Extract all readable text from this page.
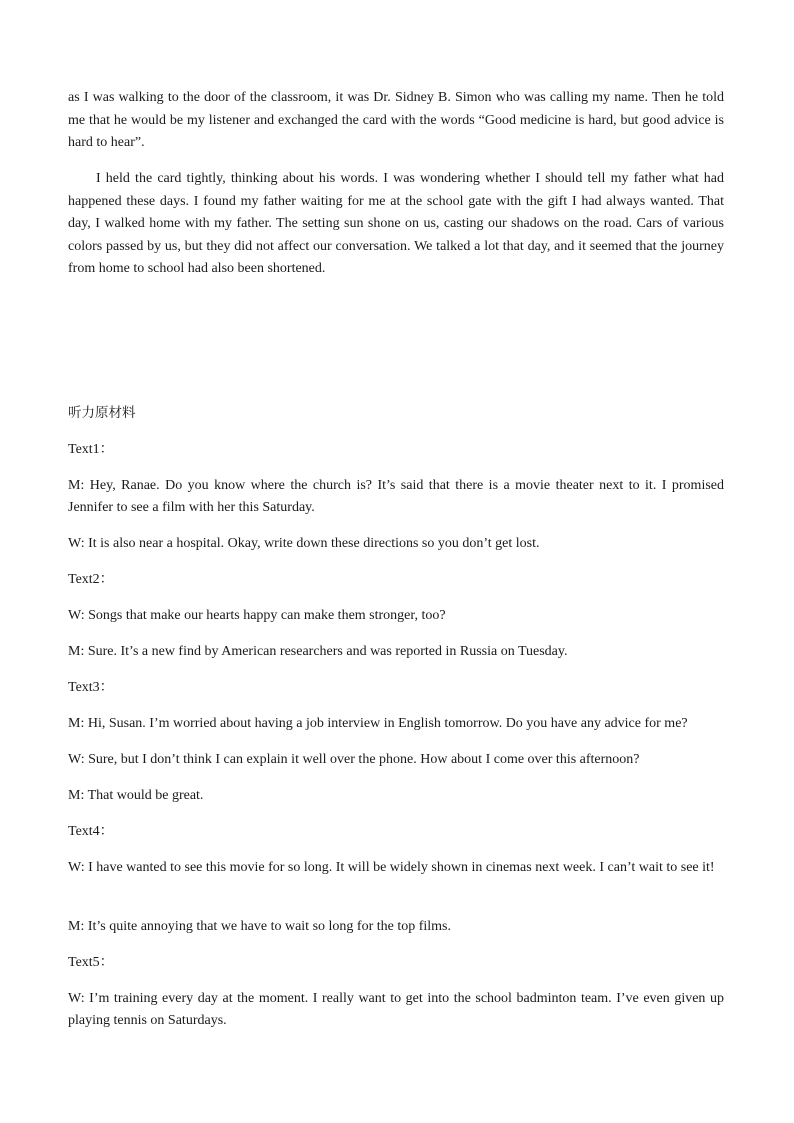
as I was walking to the door of the classroom, it was Dr. Sidney B. Simon who was calling my name. Then he told me that he would be my listener and exchanged the card with the words “Good medicine is hard, but good advice is hard to hear”.

I held the card tightly, thinking about his words. I was wondering whether I should tell my father what had happened these days. I found my father waiting for me at the school gate with the gift I had always wanted. That day, I walked home with my father. The setting sun shone on us, casting our shadows on the road. Cars of various colors passed by us, but they did not affect our conversation. We talked a lot that day, and it seemed that the journey from home to school had also been shortened.

听力原材料

Text1：

M: Hey, Ranae. Do you know where the church is? It’s said that there is a movie theater next to it. I promised Jennifer to see a film with her this Saturday.

W: It is also near a hospital. Okay, write down these directions so you don’t get lost.

Text2：

W: Songs that make our hearts happy can make them stronger, too?

M: Sure. It’s a new find by American researchers and was reported in Russia on Tuesday.

Text3：

M: Hi, Susan. I’m worried about having a job interview in English tomorrow. Do you have any advice for me?

W: Sure, but I don’t think I can explain it well over the phone. How about I come over this afternoon?

M: That would be great.

Text4：

W: I have wanted to see this movie for so long. It will be widely shown in cinemas next week. I can’t wait to see it!

M: It’s quite annoying that we have to wait so long for the top films.

Text5：

W: I’m training every day at the moment. I really want to get into the school badminton team. I’ve even given up playing tennis on Saturdays.
